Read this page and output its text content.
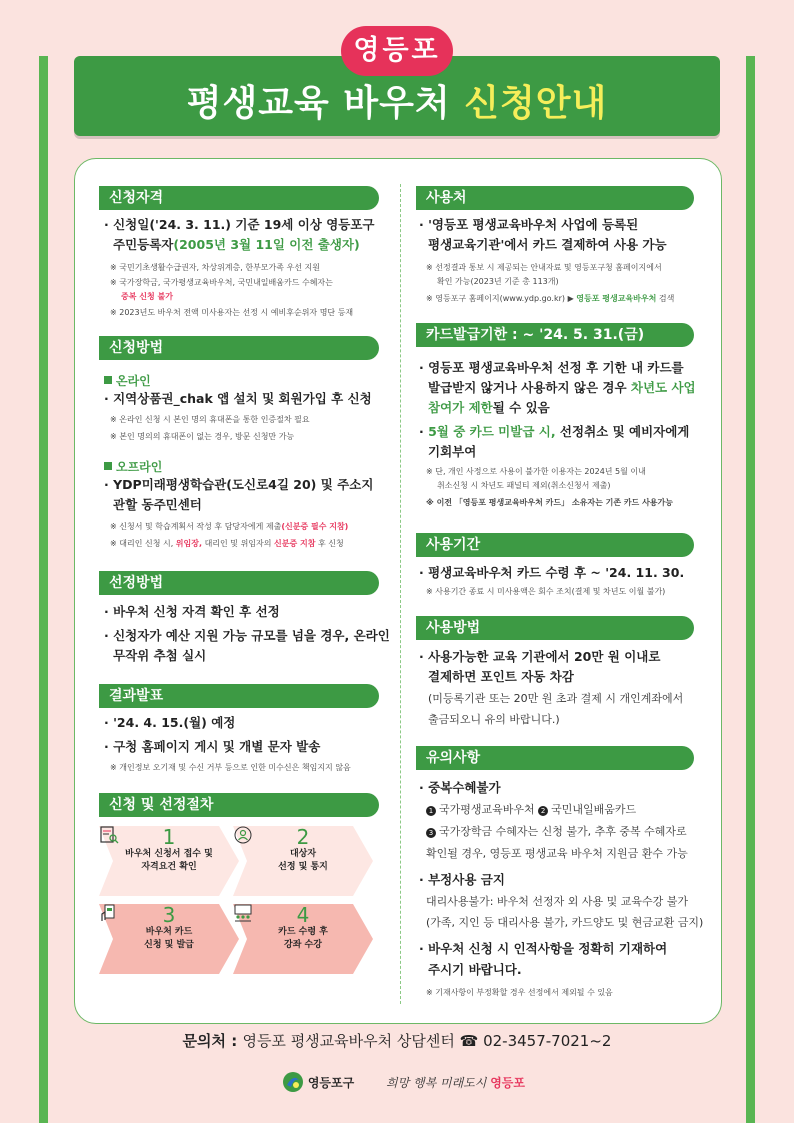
영등포
평생교육 바우처 신청안내
신청자격
· 신청일('24. 3. 11.) 기준 19세 이상 영등포구
주민등록자(2005년 3월 11일 이전 출생자)
※ 국민기초생활수급권자, 차상위계층, 한부모가족 우선 지원
※ 국가장학금, 국가평생교육바우처, 국민내일배움카드 수혜자는
중복 신청 불가
※ 2023년도 바우처 전액 미사용자는 선정 시 예비후순위자 명단 등재
신청방법
온라인
· 지역상품권_chak 앱 설치 및 회원가입 후 신청
※ 온라인 신청 시 본인 명의 휴대폰을 통한 인증절차 필요
※ 본인 명의의 휴대폰이 없는 경우, 방문 신청만 가능
오프라인
· YDP미래평생학습관(도신로4길 20) 및 주소지
관할 동주민센터
※ 신청서 및 학습계획서 작성 후 담당자에게 제출(신분증 필수 지참)
※ 대리인 신청 시, 위임장, 대리인 및 위임자의 신분증 지참 후 신청
선정방법
· 바우처 신청 자격 확인 후 선정
· 신청자가 예산 지원 가능 규모를 넘을 경우, 온라인
무작위 추첨 실시
결과발표
· '24. 4. 15.(월) 예정
· 구청 홈페이지 게시 및 개별 문자 발송
※ 개인정보 오기재 및 수신 거부 등으로 인한 미수신은 책임지지 않음
신청 및 선정절차
1
바우처 신청서 접수 및
자격요건 확인
2
대상자
선정 및 통지
3
바우처 카드
신청 및 발급
4
카드 수령 후
강좌 수강
사용처
· '영등포 평생교육바우처 사업에 등록된
평생교육기관'에서 카드 결제하여 사용 가능
※ 선정결과 통보 시 제공되는 안내자료 및 영등포구청 홈페이지에서
확인 가능(2023년 기준 총 113개)
※ 영등포구 홈페이지(www.ydp.go.kr) ▶ 영등포 평생교육바우처 검색
카드발급기한 : ~ '24. 5. 31.(금)
· 영등포 평생교육바우처 선정 후 기한 내 카드를
발급받지 않거나 사용하지 않은 경우 차년도 사업
참여가 제한될 수 있음
· 5월 중 카드 미발급 시, 선정취소 및 예비자에게
기회부여
※ 단, 개인 사정으로 사용이 불가한 이용자는 2024년 5월 이내
취소신청 시 차년도 패널티 제외(취소신청서 제출)
※ 이전 「영등포 평생교육바우처 카드」 소유자는 기존 카드 사용가능
사용기간
· 평생교육바우처 카드 수령 후 ~ '24. 11. 30.
※ 사용기간 종료 시 미사용액은 회수 조치(결제 및 차년도 이월 불가)
사용방법
· 사용가능한 교육 기관에서 20만 원 이내로
결제하면 포인트 자동 차감
(미등록기관 또는 20만 원 초과 결제 시 개인계좌에서
출금되오니 유의 바랍니다.)
유의사항
· 중복수혜불가
1 국가평생교육바우처 2 국민내일배움카드
3 국가장학금 수혜자는 신청 불가, 추후 중복 수혜자로
확인될 경우, 영등포 평생교육 바우처 지원금 환수 가능
· 부정사용 금지
대리사용불가: 바우처 선정자 외 사용 및 교육수강 불가
(가족, 지인 등 대리사용 불가, 카드양도 및 현금교환 금지)
· 바우처 신청 시 인적사항을 정확히 기재하여
주시기 바랍니다.
※ 기재사항이 부정확할 경우 선정에서 제외될 수 있음
문의처 : 영등포 평생교육바우처 상담센터 ☎ 02-3457-7021~2
영등포구	희망 행복 미래도시 영등포
